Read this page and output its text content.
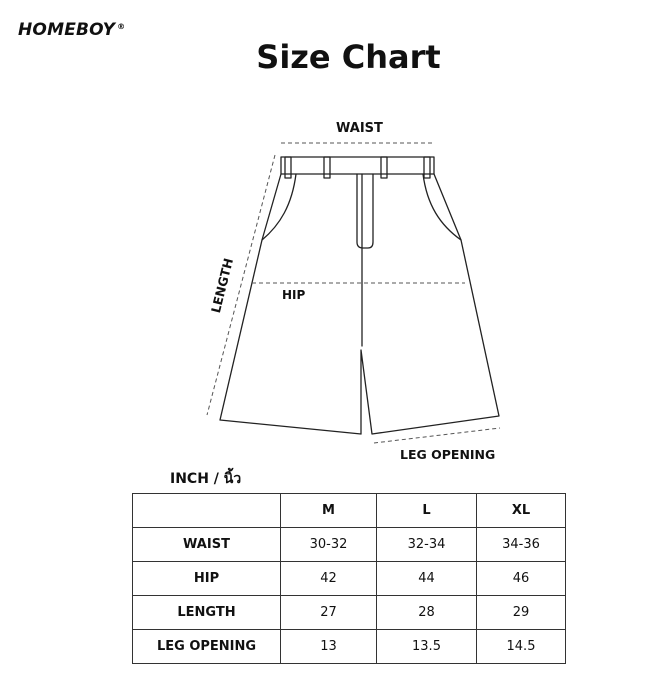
HOMEBOY ®
Size Chart
WAIST
HIP
LENGTH
LEG OPENING
INCH / นิ้ว
	M	L	XL
WAIST	30-32	32-34	34-36
HIP	42	44	46
LENGTH	27	28	29
LEG OPENING	13	13.5	14.5
